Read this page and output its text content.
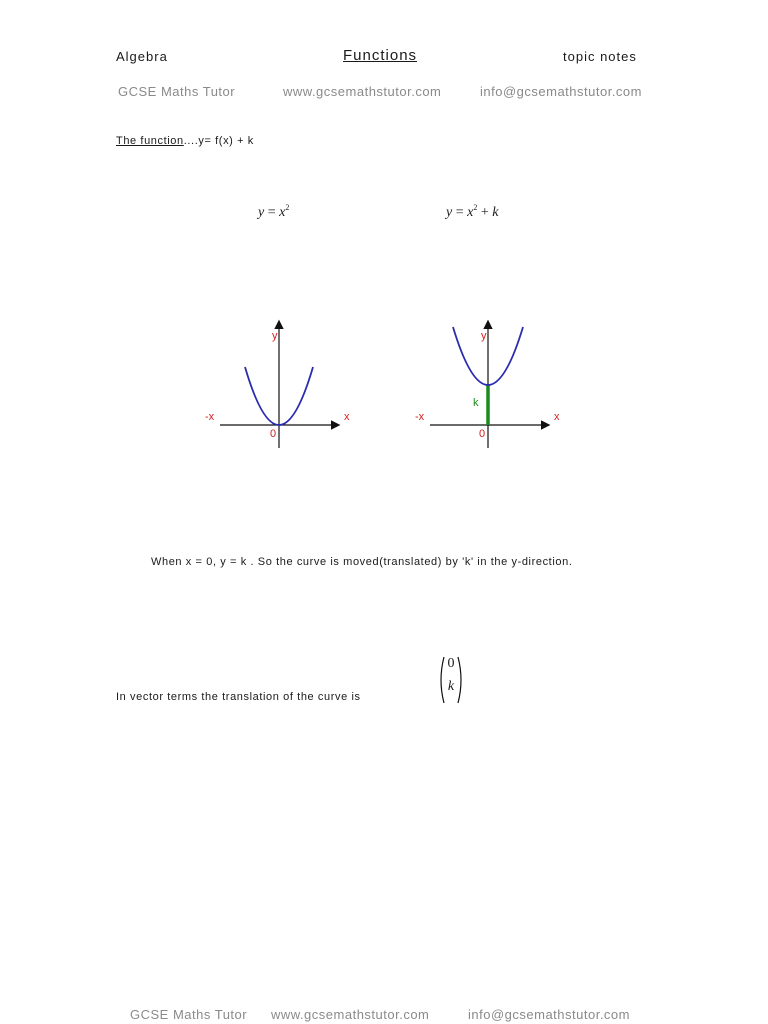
Algebra	Functions	topic notes
GCSE Maths Tutor	www.gcsemathstutor.com	info@gcsemathstutor.com
The function....y= f(x) + k
$y = x^2$	$y = x^2 + k$
y
x
-x
0
y
x
-x
0
k
When x = 0, y = k . So the curve is moved(translated) by 'k' in the y-direction.
In vector terms the translation of the curve is
0
k
GCSE Maths Tutor www.gcsemathstutor.com	info@gcsemathstutor.com
